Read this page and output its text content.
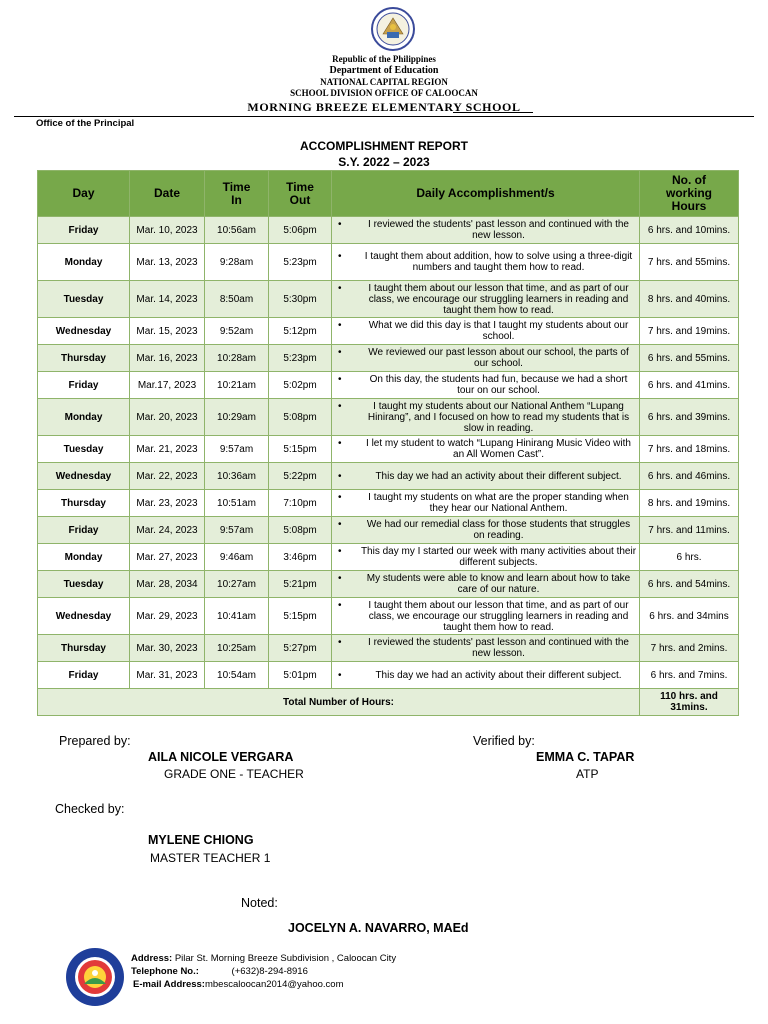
Republic of the Philippines
Department of Education
NATIONAL CAPITAL REGION
SCHOOL DIVISION OFFICE OF CALOOCAN
MORNING BREEZE ELEMENTARY SCHOOL
Office of the Principal
ACCOMPLISHMENT REPORT
S.Y. 2022 – 2023
Day	Date	Time In	Time Out	Daily Accomplishment/s	No. of working Hours
Friday	Mar. 10, 2023	10:56am	5:06pm	• I reviewed the students' past lesson and continued with the new lesson.	6 hrs. and 10mins.
Monday	Mar. 13, 2023	9:28am	5:23pm	• I taught them about addition, how to solve using a three-digit numbers and taught them how to read.	7 hrs. and 55mins.
Tuesday	Mar. 14, 2023	8:50am	5:30pm	• I taught them about our lesson that time, and as part of our class, we encourage our struggling learners in reading and taught them how to read.	8 hrs. and 40mins.
Wednesday	Mar. 15, 2023	9:52am	5:12pm	• What we did this day is that I taught my students about our school.	7 hrs. and 19mins.
Thursday	Mar. 16, 2023	10:28am	5:23pm	• We reviewed our past lesson about our school, the parts of our school.	6 hrs. and 55mins.
Friday	Mar.17, 2023	10:21am	5:02pm	• On this day, the students had fun, because we had a short tour on our school.	6 hrs. and 41mins.
Monday	Mar. 20, 2023	10:29am	5:08pm	• I taught my students about our National Anthem “Lupang Hinirang”, and I focused on how to read my students that is slow in reading.	6 hrs. and 39mins.
Tuesday	Mar. 21, 2023	9:57am	5:15pm	• I let my student to watch “Lupang Hinirang Music Video with an All Women Cast”.	7 hrs. and 18mins.
Wednesday	Mar. 22, 2023	10:36am	5:22pm	• This day we had an activity about their different subject.	6 hrs. and 46mins.
Thursday	Mar. 23, 2023	10:51am	7:10pm	• I taught my students on what are the proper standing when they hear our National Anthem.	8 hrs. and 19mins.
Friday	Mar. 24, 2023	9:57am	5:08pm	• We had our remedial class for those students that struggles on reading.	7 hrs. and 11mins.
Monday	Mar. 27, 2023	9:46am	3:46pm	• This day my I started our week with many activities about their different subjects.	6 hrs.
Tuesday	Mar. 28, 2034	10:27am	5:21pm	• My students were able to know and learn about how to take care of our nature.	6 hrs. and 54mins.
Wednesday	Mar. 29, 2023	10:41am	5:15pm	• I taught them about our lesson that time, and as part of our class, we encourage our struggling learners in reading and taught them how to read.	6 hrs. and 34mins
Thursday	Mar. 30, 2023	10:25am	5:27pm	• I reviewed the students' past lesson and continued with the new lesson.	7 hrs. and 2mins.
Friday	Mar. 31, 2023	10:54am	5:01pm	• This day we had an activity about their different subject.	6 hrs. and 7mins.
Total Number of Hours:					110 hrs. and 31mins.
Prepared by:
AILA NICOLE VERGARA
GRADE ONE - TEACHER
Verified by:
EMMA C. TAPAR
ATP
Checked by:
MYLENE CHIONG
MASTER TEACHER 1
Noted:
JOCELYN A. NAVARRO, MAEd
Address: Pilar St. Morning Breeze Subdivision , Caloocan City
Telephone No.:	(+632)8-294-8916
E-mail Address:mbescaloocan2014@yahoo.com
